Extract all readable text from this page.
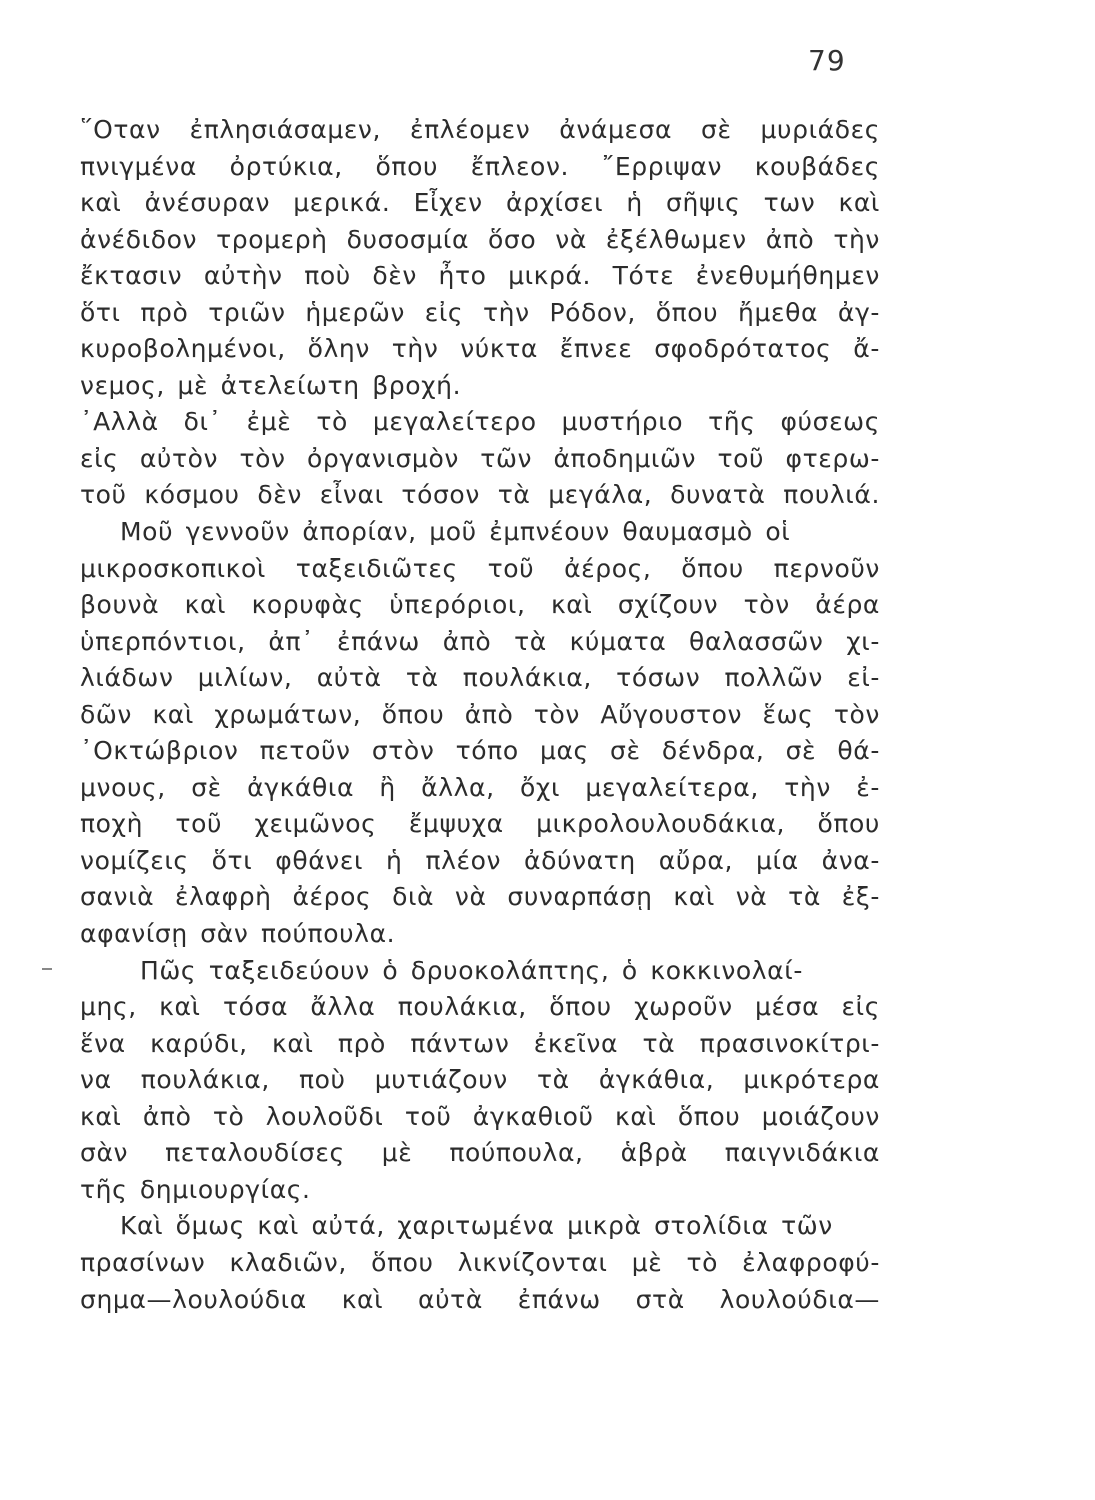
79
῞Οταν ἐπλησιάσαμεν, ἐπλέομεν ἀνάμεσα σὲ μυριάδες
πνιγμένα ὀρτύκια, ὅπου ἔπλεον. ῎Ερριψαν κουβάδες
καὶ ἀνέσυραν μερικά. Εἶχεν ἀρχίσει ἡ σῆψις των καὶ
ἀνέδιδον τρομερὴ δυσοσμία ὅσο νὰ ἐξέλθωμεν ἀπὸ τὴν
ἔκτασιν αὐτὴν ποὺ δὲν ἦτο μικρά. Τότε ἐνεθυμήθημεν
ὅτι πρὸ τριῶν ἡμερῶν εἰς τὴν Ρόδον, ὅπου ἤμεθα ἀγ-
κυροβολημένοι, ὅλην τὴν νύκτα ἔπνεε σφοδρότατος ἄ-
νεμος, μὲ ἀτελείωτη βροχή.
᾿Αλλὰ δι᾿ ἐμὲ τὸ μεγαλείτερο μυστήριο τῆς φύσεως
εἰς αὐτὸν τὸν ὀργανισμὸν τῶν ἀποδημιῶν τοῦ φτερω-
τοῦ κόσμου δὲν εἶναι τόσον τὰ μεγάλα, δυνατὰ πουλιά.
Μοῦ γεννοῦν ἀπορίαν, μοῦ ἐμπνέουν θαυμασμὸ οἱ
μικροσκοπικοὶ ταξειδιῶτες τοῦ ἀέρος, ὅπου περνοῦν
βουνὰ καὶ κορυφὰς ὑπερόριοι, καὶ σχίζουν τὸν ἀέρα
ὑπερπόντιοι, ἀπ᾿ ἐπάνω ἀπὸ τὰ κύματα θαλασσῶν χι-
λιάδων μιλίων, αὐτὰ τὰ πουλάκια, τόσων πολλῶν εἰ-
δῶν καὶ χρωμάτων, ὅπου ἀπὸ τὸν Αὔγουστον ἕως τὸν
᾿Οκτώβριον πετοῦν στὸν τόπο μας σὲ δένδρα, σὲ θά-
μνους, σὲ ἀγκάθια ἢ ἄλλα, ὄχι μεγαλείτερα, τὴν ἐ-
ποχὴ τοῦ χειμῶνος ἔμψυχα μικρολουλουδάκια, ὅπου
νομίζεις ὅτι φθάνει ἡ πλέον ἀδύνατη αὔρα, μία ἀνα-
σανιὰ ἐλαφρὴ ἀέρος διὰ νὰ συναρπάσῃ καὶ νὰ τὰ ἐξ-
αφανίσῃ σὰν πούπουλα.
Πῶς ταξειδεύουν ὁ δρυοκολάπτης, ὁ κοκκινολαί-
μης, καὶ τόσα ἄλλα πουλάκια, ὅπου χωροῦν μέσα εἰς
ἕνα καρύδι, καὶ πρὸ πάντων ἐκεῖνα τὰ πρασινοκίτρι-
να πουλάκια, ποὺ μυτιάζουν τὰ ἀγκάθια, μικρότερα
καὶ ἀπὸ τὸ λουλοῦδι τοῦ ἀγκαθιοῦ καὶ ὅπου μοιάζουν
σὰν πεταλουδίσες μὲ πούπουλα, ἁβρὰ παιγνιδάκια
τῆς δημιουργίας.
Καὶ ὅμως καὶ αὐτά, χαριτωμένα μικρὰ στολίδια τῶν
πρασίνων κλαδιῶν, ὅπου λικνίζονται μὲ τὸ ἐλαφροφύ-
σημα—λουλούδια καὶ αὐτὰ ἐπάνω στὰ λουλούδια—
